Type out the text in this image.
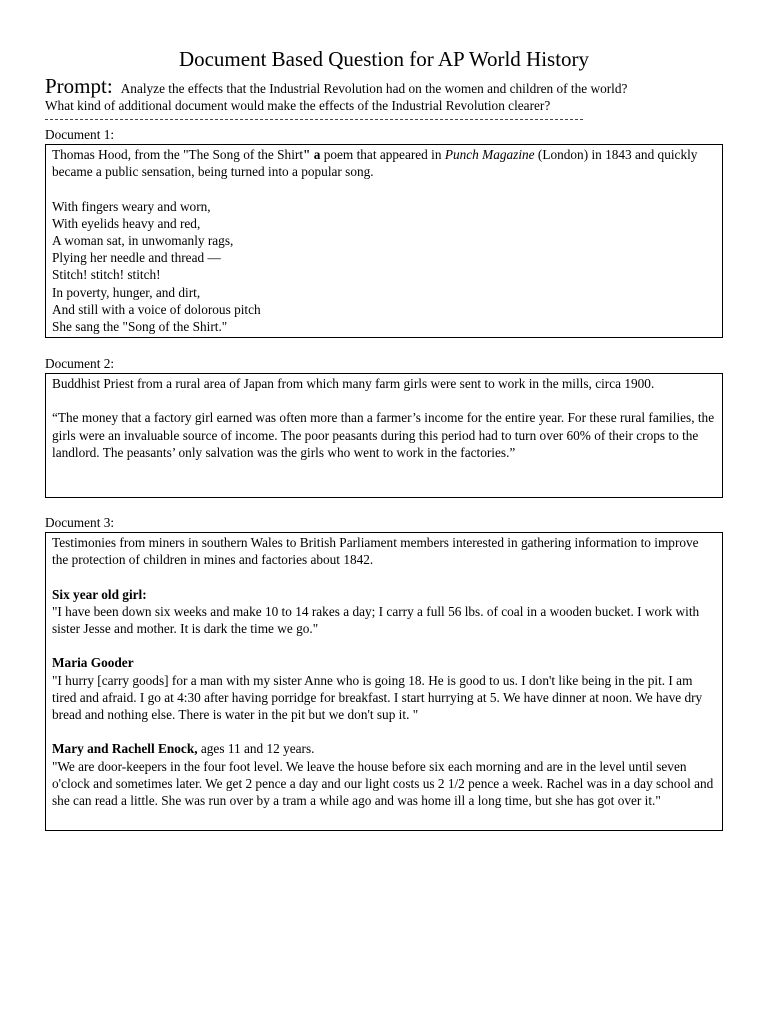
Document Based Question for AP World History
Prompt: Analyze the effects that the Industrial Revolution had on the women and children of the world?
What kind of additional document would make the effects of the Industrial Revolution clearer?
Document 1:

Thomas Hood, from the "The Song of the Shirt" a poem that appeared in Punch Magazine (London) in 1843 and quickly became a public sensation, being turned into a popular song.

With fingers weary and worn,

With eyelids heavy and red,

A woman sat, in unwomanly rags,

Plying her needle and thread —

Stitch! stitch! stitch!

In poverty, hunger, and dirt,

And still with a voice of dolorous pitch

She sang the "Song of the Shirt."

Document 2:

Buddhist Priest from a rural area of Japan from which many farm girls were sent to work in the mills, circa 1900.

“The money that a factory girl earned was often more than a farmer’s income for the entire year. For these rural families, the girls were an invaluable source of income. The poor peasants during this period had to turn over 60% of their crops to the landlord. The peasants’ only salvation was the girls who went to work in the factories.”

Document 3:

Testimonies from miners in southern Wales to British Parliament members interested in gathering information to improve the protection of children in mines and factories about 1842.

Six year old girl:

"I have been down six weeks and make 10 to 14 rakes a day; I carry a full 56 lbs. of coal in a wooden bucket. I work with sister Jesse and mother. It is dark the time we go."

Maria Gooder

"I hurry [carry goods] for a man with my sister Anne who is going 18. He is good to us. I don't like being in the pit. I am tired and afraid. I go at 4:30 after having porridge for breakfast. I start hurrying at 5. We have dinner at noon. We have dry bread and nothing else. There is water in the pit but we don't sup it. "

Mary and Rachell Enock, ages 11 and 12 years.

"We are door-keepers in the four foot level. We leave the house before six each morning and are in the level until seven o'clock and sometimes later. We get 2 pence a day and our light costs us 2 1/2 pence a week. Rachel was in a day school and she can read a little. She was run over by a tram a while ago and was home ill a long time, but she has got over it."
